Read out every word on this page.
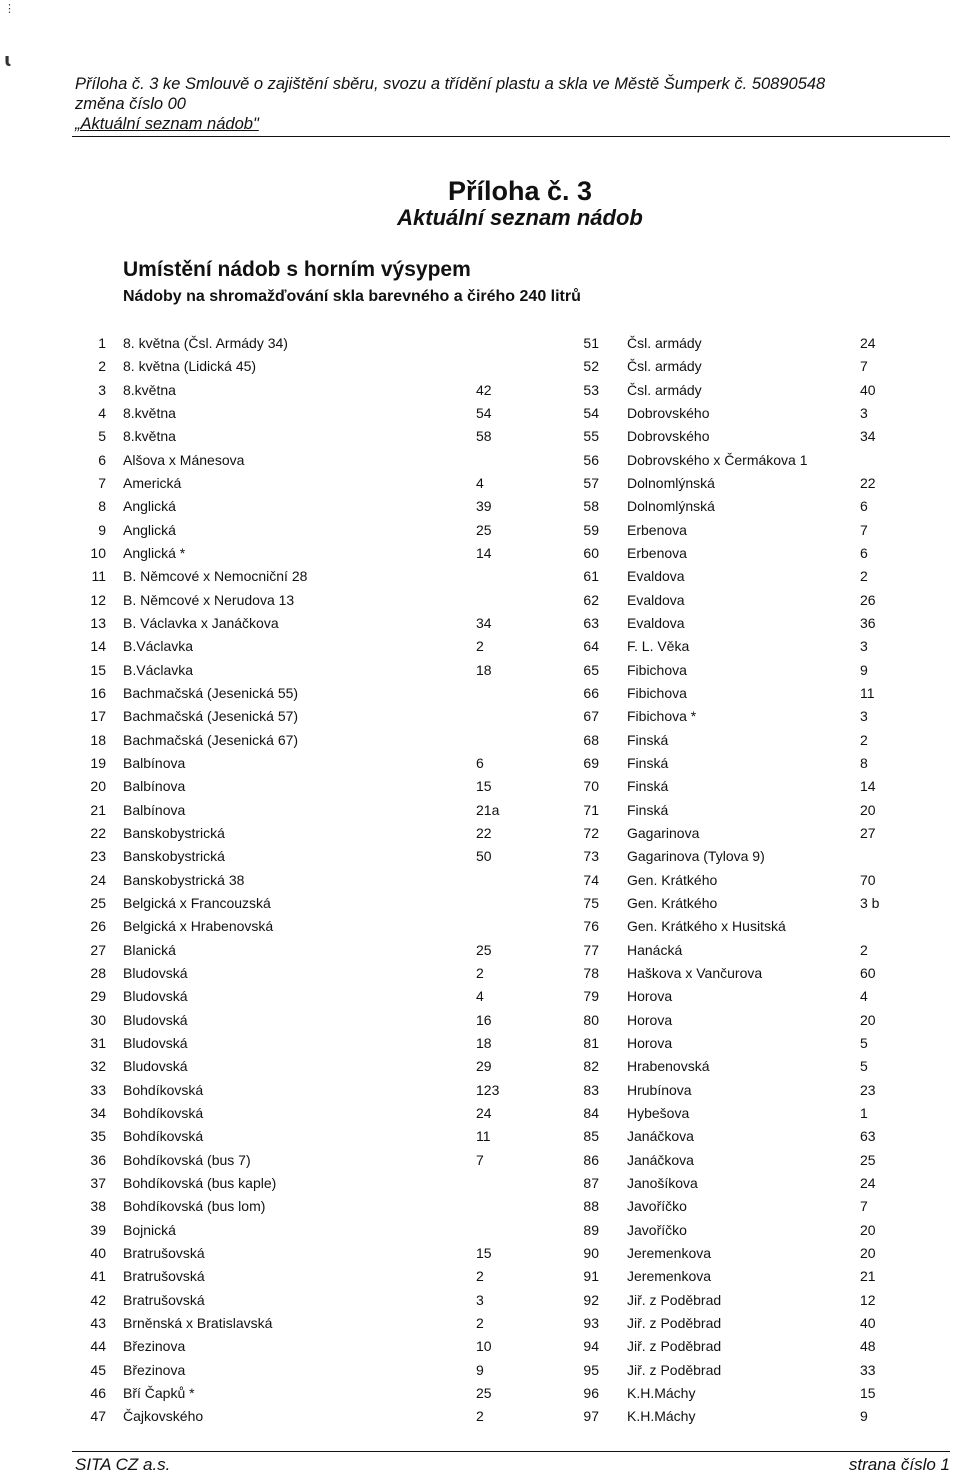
⋮
ɩ
Příloha č. 3 ke Smlouvě o zajištění sběru, svozu a třídění plastu a skla ve Městě Šumperk č. 50890548
změna číslo 00
„Aktuální seznam nádob"
Příloha č. 3
Aktuální seznam nádob
Umístění nádob s horním výsypem
Nádoby na shromažďování skla barevného a čirého 240 litrů
1 8. května (Čsl. Armády 34)	51 Čsl. armády	24
2 8. května (Lidická 45)	52 Čsl. armády	7
3 8.května	42	53 Čsl. armády	40
4 8.května	54	54 Dobrovského	3
5 8.května	58	55 Dobrovského	34
6 Alšova x Mánesova	56 Dobrovského x Čermákova 1
7 Americká	4	57 Dolnomlýnská	22
8 Anglická	39	58 Dolnomlýnská	6
9 Anglická	25	59 Erbenova	7
10 Anglická *	14	60 Erbenova	6
11 B. Němcové x Nemocniční 28	61 Evaldova	2
12 B. Němcové x Nerudova 13	62 Evaldova	26
13 B. Václavka x Janáčkova	34	63 Evaldova	36
14 B.Václavka	2	64 F. L. Věka	3
15 B.Václavka	18	65 Fibichova	9
16 Bachmačská (Jesenická 55)	66 Fibichova	11
17 Bachmačská (Jesenická 57)	67 Fibichova *	3
18 Bachmačská (Jesenická 67)	68 Finská	2
19 Balbínova	6	69 Finská	8
20 Balbínova	15	70 Finská	14
21 Balbínova	21a	71 Finská	20
22 Banskobystrická	22	72 Gagarinova	27
23 Banskobystrická	50	73 Gagarinova (Tylova 9)
24 Banskobystrická 38	74 Gen. Krátkého	70
25 Belgická x Francouzská	75 Gen. Krátkého	3 b
26 Belgická x Hrabenovská	76 Gen. Krátkého x Husitská
27 Blanická	25	77 Hanácká	2
28 Bludovská	2	78 Haškova x Vančurova	60
29 Bludovská	4	79 Horova	4
30 Bludovská	16	80 Horova	20
31 Bludovská	18	81 Horova	5
32 Bludovská	29	82 Hrabenovská	5
33 Bohdíkovská	123	83 Hrubínova	23
34 Bohdíkovská	24	84 Hybešova	1
35 Bohdíkovská	11	85 Janáčkova	63
36 Bohdíkovská (bus 7)	7	86 Janáčkova	25
37 Bohdíkovská (bus kaple)	87 Janošíkova	24
38 Bohdíkovská (bus lom)	88 Javoříčko	7
39 Bojnická	89 Javoříčko	20
40 Bratrušovská	15	90 Jeremenkova	20
41 Bratrušovská	2	91 Jeremenkova	21
42 Bratrušovská	3	92 Jiř. z Poděbrad	12
43 Brněnská x Bratislavská	2	93 Jiř. z Poděbrad	40
44 Březinova	10	94 Jiř. z Poděbrad	48
45 Březinova	9	95 Jiř. z Poděbrad	33
46 Bří Čapků *	25	96 K.H.Máchy	15
47 Čajkovského	2	97 K.H.Máchy	9
SITA CZ a.s.	strana číslo 1
